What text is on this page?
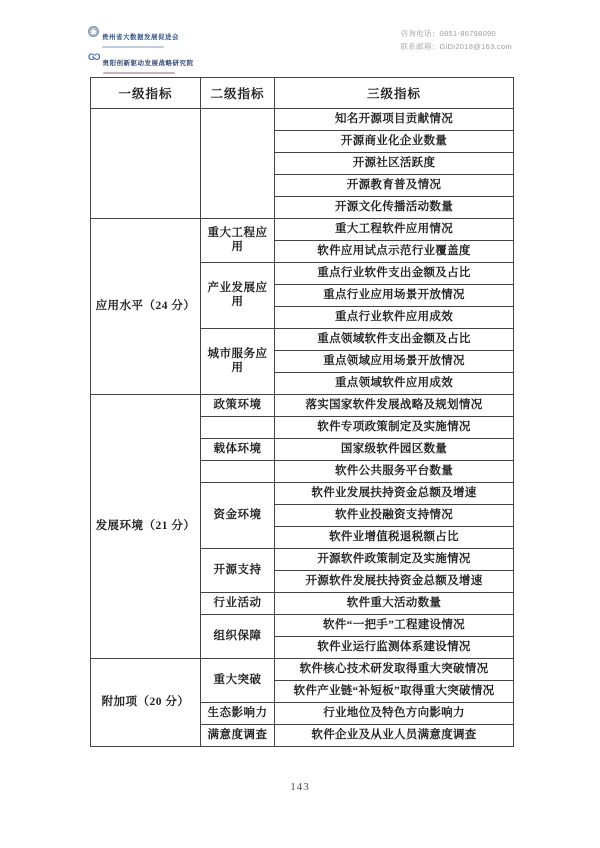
贵州省大数据发展促进会
GƆ
贵阳创新驱动发展战略研究院
咨询电话：0851-86798090
联系邮箱：GiDi2018@163.com
一级指标	二级指标	三级指标
		知名开源项目贡献情况
		开源商业化企业数量
		开源社区活跃度
		开源教育普及情况
		开源文化传播活动数量
应用水平（24 分）	重大工程应用	重大工程软件应用情况
		软件应用试点示范行业覆盖度
	产业发展应用	重点行业软件支出金额及占比
		重点行业应用场景开放情况
		重点行业软件应用成效
	城市服务应用	重点领域软件支出金额及占比
		重点领域应用场景开放情况
		重点领域软件应用成效
发展环境（21 分）	政策环境	落实国家软件发展战略及规划情况
		软件专项政策制定及实施情况
	载体环境	国家级软件园区数量
		软件公共服务平台数量
	资金环境	软件业发展扶持资金总额及增速
		软件业投融资支持情况
		软件业增值税退税额占比
	开源支持	开源软件政策制定及实施情况
		开源软件发展扶持资金总额及增速
	行业活动	软件重大活动数量
	组织保障	软件“一把手”工程建设情况
		软件业运行监测体系建设情况
附加项（20 分）	重大突破	软件核心技术研发取得重大突破情况
		软件产业链“补短板”取得重大突破情况
	生态影响力	行业地位及特色方向影响力
	满意度调查	软件企业及从业人员满意度调查
143
